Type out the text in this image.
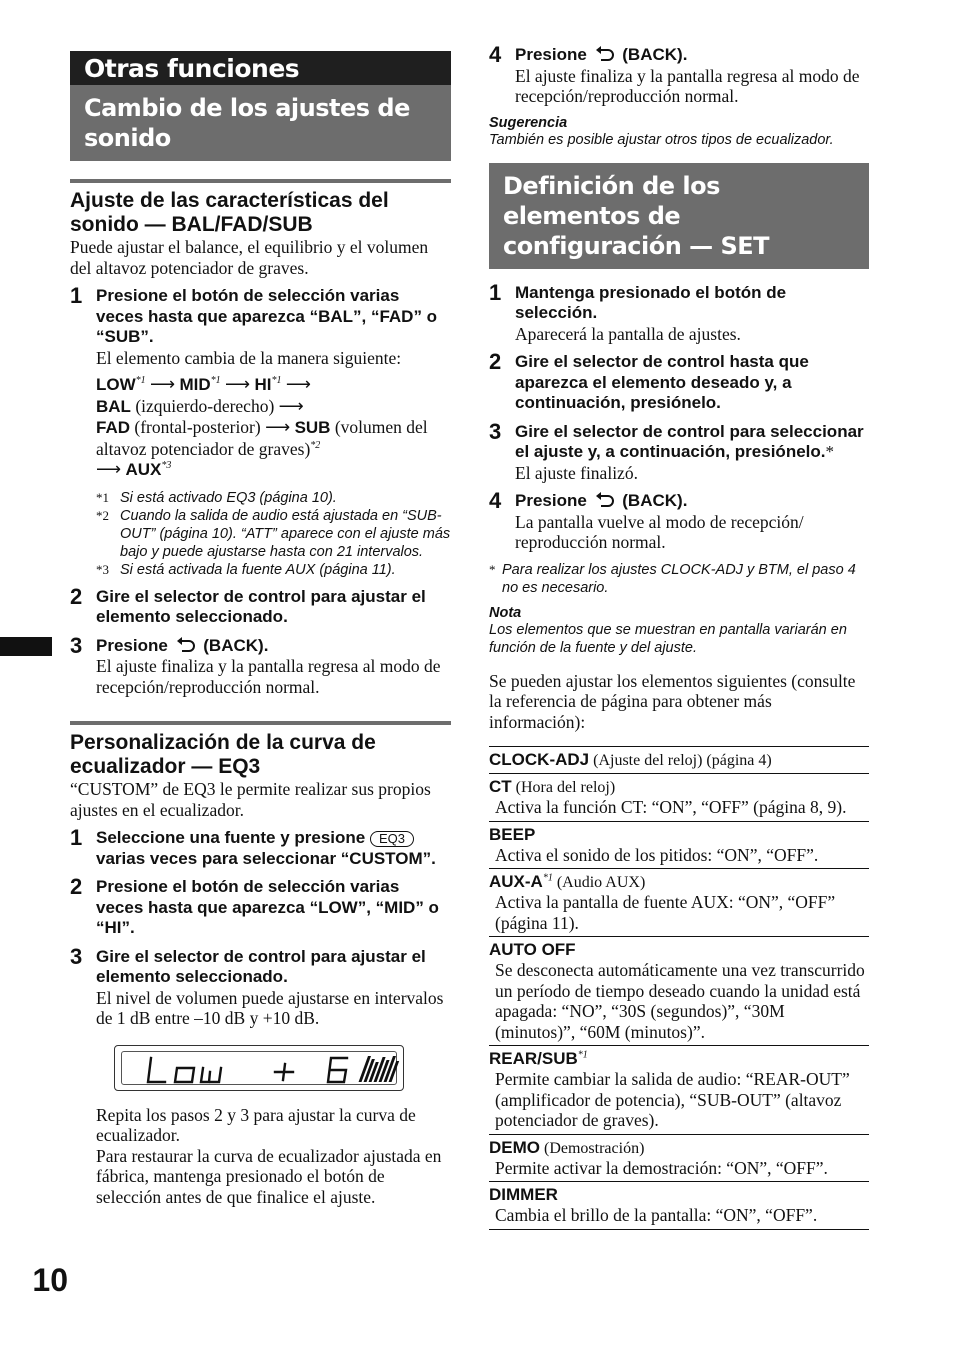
10
Otras funciones
Cambio de los ajustes de sonido
Ajuste de las características del sonido — BAL/FAD/SUB
Puede ajustar el balance, el equilibrio y el volumen del altavoz potenciador de graves.
1 Presione el botón de selección varias veces hasta que aparezca “BAL”, “FAD” o “SUB”.
El elemento cambia de la manera siguiente:
LOW$^{*1}$ ⟶ MID$^{*1}$ ⟶ HI$^{*1}$ ⟶
BAL (izquierdo-derecho) ⟶
FAD (frontal-posterior) ⟶ SUB (volumen del altavoz potenciador de graves)$^{*2}$
⟶ AUX$^{*3}$
*1 Si está activado EQ3 (página 10).
*2 Cuando la salida de audio está ajustada en “SUB-OUT” (página 10). “ATT” aparece con el ajuste más bajo y puede ajustarse hasta con 21 intervalos.
*3 Si está activada la fuente AUX (página 11).
2 Gire el selector de control para ajustar el elemento seleccionado.
3 Presione  (BACK).
El ajuste finaliza y la pantalla regresa al modo de recepción/reproducción normal.
Personalización de la curva de ecualizador — EQ3
“CUSTOM” de EQ3 le permite realizar sus propios ajustes en el ecualizador.
1 Seleccione una fuente y presione EQ3 varias veces para seleccionar “CUSTOM”.
2 Presione el botón de selección varias veces hasta que aparezca “LOW”, “MID” o “HI”.
3 Gire el selector de control para ajustar el elemento seleccionado.
El nivel de volumen puede ajustarse en intervalos de 1 dB entre –10 dB y +10 dB.
LOW + 6
Repita los pasos 2 y 3 para ajustar la curva de ecualizador.
Para restaurar la curva de ecualizador ajustada en fábrica, mantenga presionado el botón de selección antes de que finalice el ajuste.
4 Presione  (BACK).
El ajuste finaliza y la pantalla regresa al modo de recepción/reproducción normal.
Sugerencia
También es posible ajustar otros tipos de ecualizador.
Definición de los elementos de configuración — SET
1 Mantenga presionado el botón de selección.
Aparecerá la pantalla de ajustes.
2 Gire el selector de control hasta que aparezca el elemento deseado y, a continuación, presiónelo.
3 Gire el selector de control para seleccionar el ajuste y, a continuación, presiónelo.*
El ajuste finalizó.
4 Presione  (BACK).
La pantalla vuelve al modo de recepción/ reproducción normal.
* Para realizar los ajustes CLOCK-ADJ y BTM, el paso 4 no es necesario.
Nota
Los elementos que se muestran en pantalla variarán en función de la fuente y del ajuste.
Se pueden ajustar los elementos siguientes (consulte la referencia de página para obtener más información):
CLOCK-ADJ (Ajuste del reloj) (página 4)
CT (Hora del reloj)
Activa la función CT: “ON”, “OFF” (página 8, 9).
BEEP
Activa el sonido de los pitidos: “ON”, “OFF”.
AUX-$A^{*1}$ (Audio AUX)
Activa la pantalla de fuente AUX: “ON”, “OFF” (página 11).
AUTO OFF
Se desconecta automáticamente una vez transcurrido un período de tiempo deseado cuando la unidad está apagada: “NO”, “30S (segundos)”, “30M (minutos)”, “60M (minutos)”.
REAR/SUB$^{*1}$
Permite cambiar la salida de audio: “REAR-OUT” (amplificador de potencia), “SUB-OUT” (altavoz potenciador de graves).
DEMO (Demostración)
Permite activar la demostración: “ON”, “OFF”.
DIMMER
Cambia el brillo de la pantalla: “ON”, “OFF”.
